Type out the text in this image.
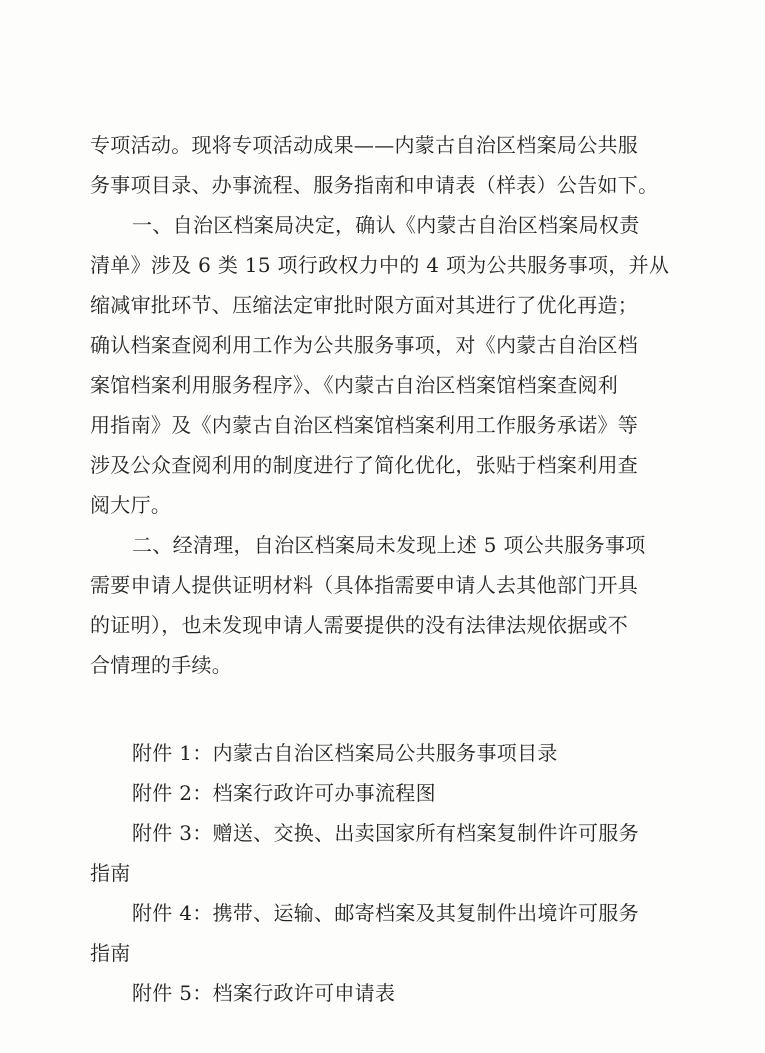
专项活动。现将专项活动成果——内蒙古自治区档案局公共服
务事项目录、办事流程、服务指南和申请表（样表）公告如下。
一、自治区档案局决定，确认《内蒙古自治区档案局权责
清单》涉及 6 类 15 项行政权力中的 4 项为公共服务事项，并从
缩减审批环节、压缩法定审批时限方面对其进行了优化再造；
确认档案查阅利用工作为公共服务事项，对《内蒙古自治区档
案馆档案利用服务程序》、《内蒙古自治区档案馆档案查阅利
用指南》及《内蒙古自治区档案馆档案利用工作服务承诺》等
涉及公众查阅利用的制度进行了简化优化，张贴于档案利用查
阅大厅。
二、经清理，自治区档案局未发现上述 5 项公共服务事项
需要申请人提供证明材料（具体指需要申请人去其他部门开具
的证明），也未发现申请人需要提供的没有法律法规依据或不
合情理的手续。
附件 1：内蒙古自治区档案局公共服务事项目录
附件 2：档案行政许可办事流程图
附件 3：赠送、交换、出卖国家所有档案复制件许可服务
指南
附件 4：携带、运输、邮寄档案及其复制件出境许可服务
指南
附件 5：档案行政许可申请表
